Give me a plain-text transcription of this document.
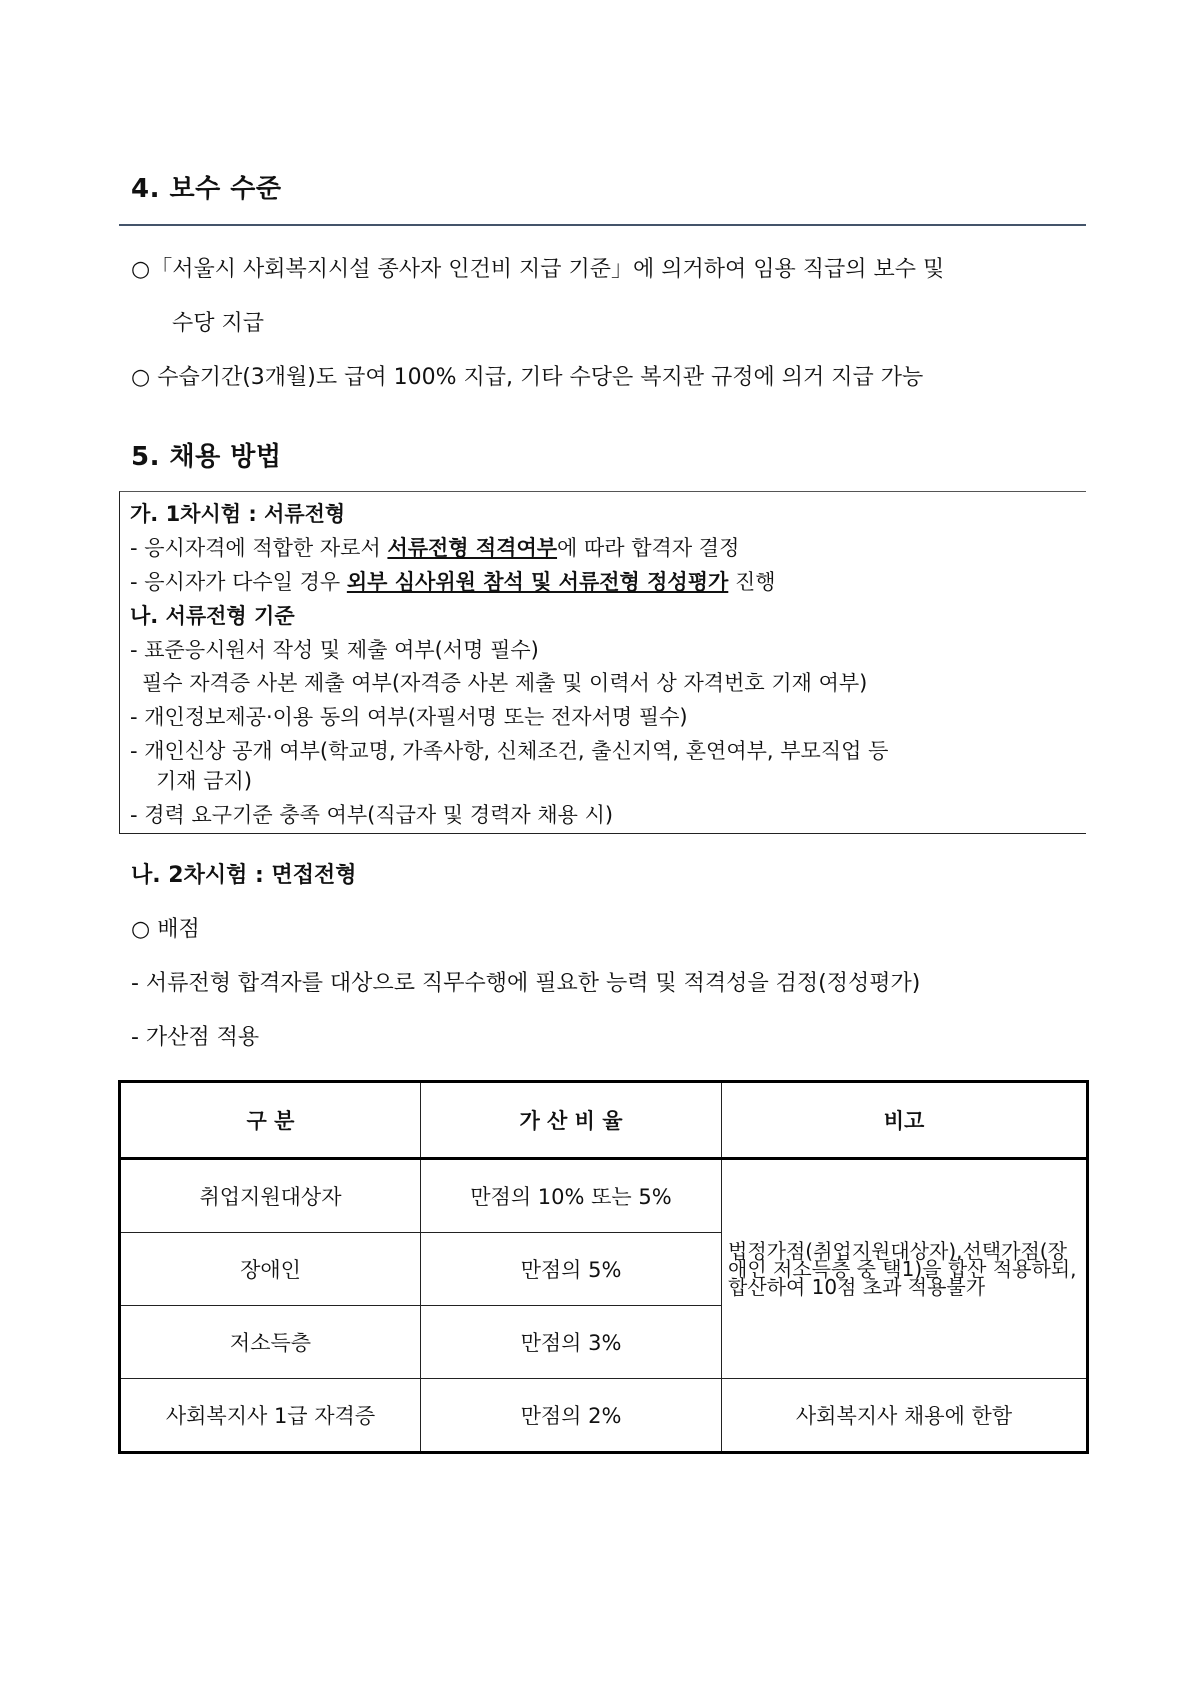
4. 보수 수준
○「서울시 사회복지시설 종사자 인건비 지급 기준」에 의거하여 임용 직급의 보수 및
수당 지급
○ 수습기간(3개월)도 급여 100% 지급, 기타 수당은 복지관 규정에 의거 지급 가능
5. 채용 방법
가. 1차시험 : 서류전형
- 응시자격에 적합한 자로서 서류전형 적격여부에 따라 합격자 결정
- 응시자가 다수일 경우 외부 심사위원 참석 및 서류전형 정성평가 진행
나. 서류전형 기준
- 표준응시원서 작성 및 제출 여부(서명 필수)
필수 자격증 사본 제출 여부(자격증 사본 제출 및 이력서 상 자격번호 기재 여부)
- 개인정보제공·이용 동의 여부(자필서명 또는 전자서명 필수)
- 개인신상 공개 여부(학교명, 가족사항, 신체조건, 출신지역, 혼연여부, 부모직업 등
기재 금지)
- 경력 요구기준 충족 여부(직급자 및 경력자 채용 시)
나. 2차시험 : 면접전형
○ 배점
- 서류전형 합격자를 대상으로 직무수행에 필요한 능력 및 적격성을 검정(정성평가)
- 가산점 적용
구 분	가 산 비 율	비고
취업지원대상자	만점의 10% 또는 5%	법정가점(취업지원대상자),선택가점(장애인 저소득층 중 택1)을 합산 적용하되, 합산하여 10점 초과 적용불가
장애인	만점의 5%	
저소득층	만점의 3%	
사회복지사 1급 자격증	만점의 2%	사회복지사 채용에 한함
